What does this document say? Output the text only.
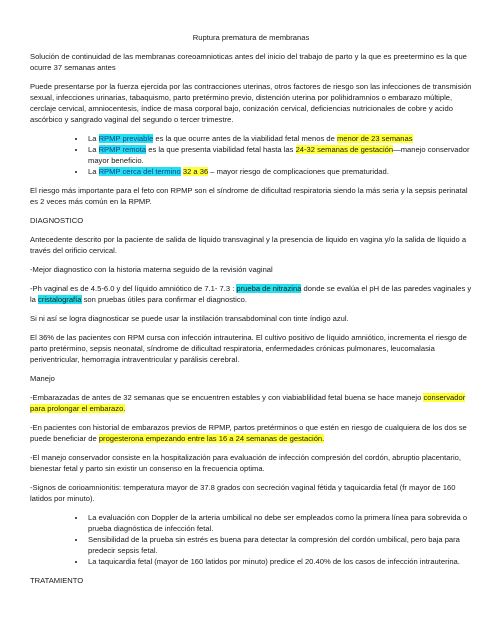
Ruptura prematura de membranas

Solución de continuidad de las membranas coreoamnioticas antes del inicio del trabajo de parto y la que es preetermino es la que ocurre 37 semanas antes

Puede presentarse por la fuerza ejercida por las contracciones uterinas, otros factores de riesgo son las infecciones de transmisión sexual, infecciones urinarias, tabaquismo, parto pretérmino previo, distención uterina por polihidramnios o embarazo múltiple, cerclaje cervical, amniocentesis, índice de masa corporal bajo, conización cervical, deficiencias nutricionales de cobre y acido ascórbico y sangrado vaginal del segundo o tercer trimestre.

• La RPMP previable es la que ocurre antes de la viabilidad fetal menos de menor de 23 semanas
• La RPMP remota es la que presenta viabilidad fetal hasta las 24-32 semanas de gestación—manejo conservador mayor beneficio.
• La RPMP cerca del termino 32 a 36 – mayor riesgo de complicaciones que prematuridad.

El riesgo más importante para el feto con RPMP son el síndrome de dificultad respiratoria siendo la más seria y la sepsis perinatal es 2 veces más común en la RPMP.

DIAGNOSTICO

Antecedente descrito por la paciente de salida de líquido transvaginal y la presencia de liquido en vagina y/o la salida de líquido a través del orificio cervical.

-Mejor diagnostico con la historia materna seguido de la revisión vaginal

-Ph vaginal es de 4.5-6.0 y del líquido amniótico de 7.1- 7.3 : prueba de nitrazina donde se evalúa el pH de las paredes vaginales y la cristalografía son pruebas útiles para confirmar el diagnostico.

Si ni así se logra diagnosticar se puede usar la instilación transabdominal con tinte índigo azul.

El 36% de las pacientes con RPM cursa con infección intrauterina. El cultivo positivo de líquido amniótico, incrementa el riesgo de parto pretérmino, sepsis neonatal, síndrome de dificultad respiratoria, enfermedades crónicas pulmonares, leucomalasia periventricular, hemorragia intraventricular y parálisis cerebral.

Manejo

-Embarazadas de antes de 32 semanas que se encuentren estables y con viabiablilidad fetal buena se hace manejo conservador para prolongar el embarazo.

-En pacientes con historial de embarazos previos de RPMP, partos pretérminos o que estén en riesgo de cualquiera de los dos se puede beneficiar de progesterona empezando entre las 16 a 24 semanas de gestación.

-El manejo conservador consiste en la hospitalización para evaluación de infección compresión del cordón, abruptio placentario, bienestar fetal y parto sin existir un consenso en la frecuencia optima.

-Signos de corioamnionitis: temperatura mayor de 37.8 grados con secreción vaginal fétida y taquicardia fetal (fr mayor de 160 latidos por minuto).

• La evaluación con Doppler de la arteria umbilical no debe ser empleados como la primera línea para sobrevida o prueba diagnóstica de infección fetal.
• Sensibilidad de la prueba sin estrés es buena para detectar la compresión del cordón umbilical, pero baja para predecir sepsis fetal.
• La taquicardia fetal (mayor de 160 latidos por minuto) predice el 20.40% de los casos de infección intrauterina.
TRATAMIENTO
